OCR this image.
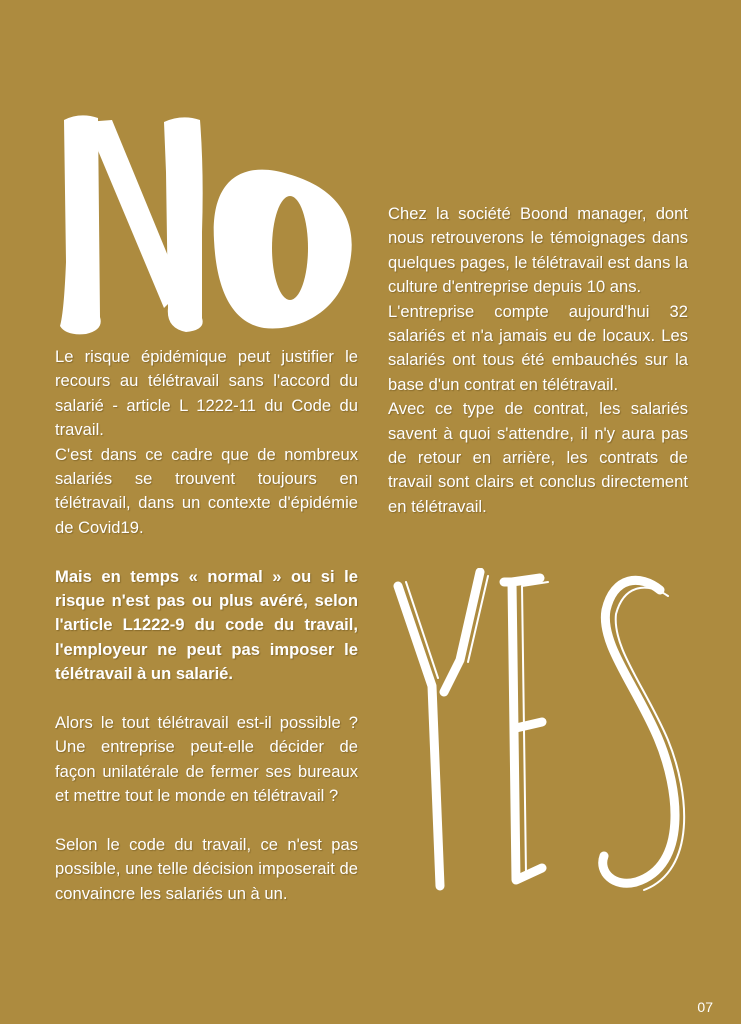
No
YES

Le risque épidémique peut justifier le recours au télétravail sans l'accord du salarié - article L 1222-11 du Code du travail.

C'est dans ce cadre que de nombreux salariés se trouvent toujours en télétravail, dans un contexte d'épidémie de Covid19.

Mais en temps « normal » ou si le risque n'est pas ou plus avéré, selon l'article L1222-9 du code du travail, l'employeur ne peut pas imposer le télétravail à un salarié.

Alors le tout télétravail est-il possible ? Une entreprise peut-elle décider de façon unilatérale de fermer ses bureaux et mettre tout le monde en télétravail ?

Selon le code du travail, ce n'est pas possible, une telle décision imposerait de convaincre les salariés un à un.

Chez la société Boond manager, dont nous retrouverons le témoignages dans quelques pages, le télétravail est dans la culture d'entreprise depuis 10 ans.

L'entreprise compte aujourd'hui 32 salariés et n'a jamais eu de locaux. Les salariés ont tous été embauchés sur la base d'un contrat en télétravail.

Avec ce type de contrat, les salariés savent à quoi s'attendre, il n'y aura pas de retour en arrière, les contrats de travail sont clairs et conclus directement en télétravail.

07
